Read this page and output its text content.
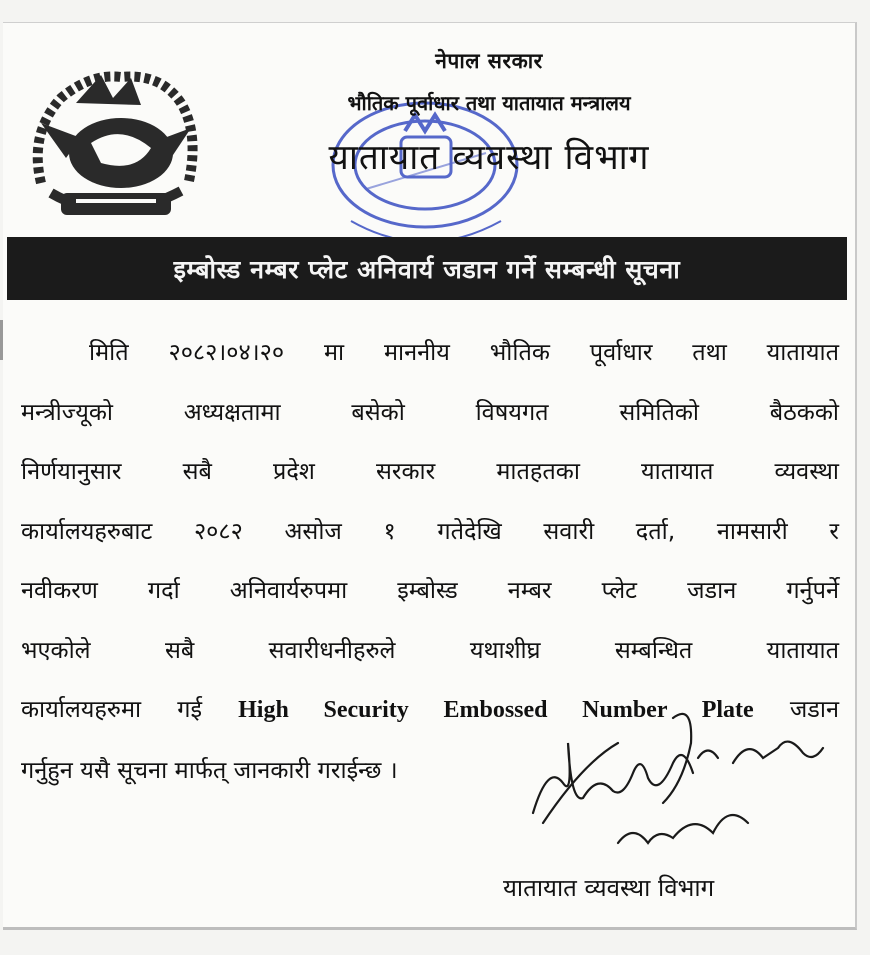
नेपाल सरकार
भौतिक पूर्वाधार तथा यातायात मन्त्रालय
यातायात व्यवस्था विभाग
इम्बोस्ड नम्बर प्लेट अनिवार्य जडान गर्ने सम्बन्धी सूचना
मिति २०८२।०४।२० मा माननीय भौतिक पूर्वाधार तथा यातायात
मन्त्रीज्यूको अध्यक्षतामा बसेको विषयगत समितिको बैठकको
निर्णयानुसार सबै प्रदेश सरकार मातहतका यातायात व्यवस्था
कार्यालयहरुबाट २०८२ असोज १ गतेदेखि सवारी दर्ता, नामसारी र
नवीकरण गर्दा अनिवार्यरुपमा इम्बोस्ड नम्बर प्लेट जडान गर्नुपर्ने
भएकोले सबै सवारीधनीहरुले यथाशीघ्र सम्बन्धित यातायात
कार्यालयहरुमा गई High Security Embossed Number Plate जडान
गर्नुहुन यसै सूचना मार्फत् जानकारी गराईन्छ ।
यातायात व्यवस्था विभाग
